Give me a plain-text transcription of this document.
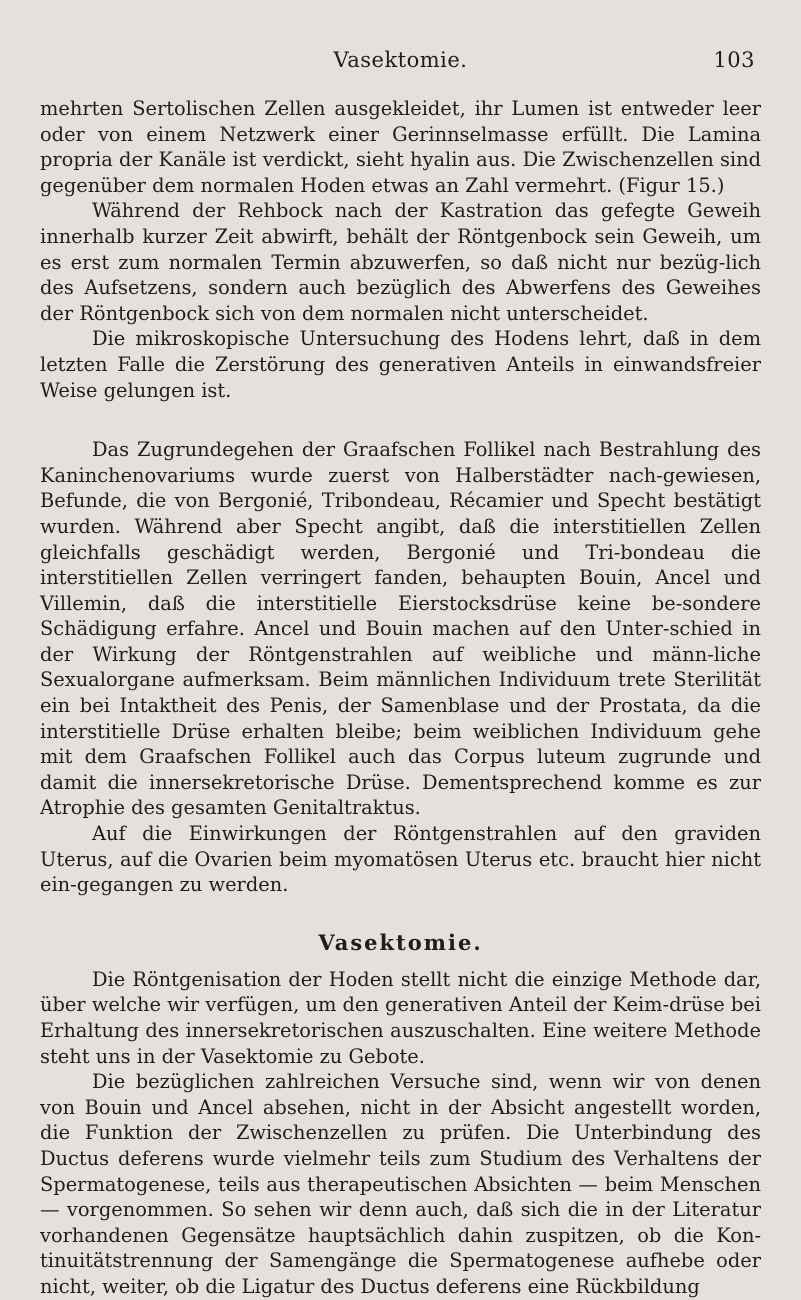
Vasektomie.	103

mehrten Sertolischen Zellen ausgekleidet, ihr Lumen ist entweder leer oder von einem Netzwerk einer Gerinnselmasse erfüllt. Die Lamina propria der Kanäle ist verdickt, sieht hyalin aus. Die Zwischenzellen sind gegenüber dem normalen Hoden etwas an Zahl vermehrt. (Figur 15.)

Während der Rehbock nach der Kastration das gefegte Geweih innerhalb kurzer Zeit abwirft, behält der Röntgenbock sein Geweih, um es erst zum normalen Termin abzuwerfen, so daß nicht nur bezüg-lich des Aufsetzens, sondern auch bezüglich des Abwerfens des Geweihes der Röntgenbock sich von dem normalen nicht unterscheidet.

Die mikroskopische Untersuchung des Hodens lehrt, daß in dem letzten Falle die Zerstörung des generativen Anteils in einwandsfreier Weise gelungen ist.

Das Zugrundegehen der Graafschen Follikel nach Bestrahlung des Kaninchenovariums wurde zuerst von Halberstädter nach-gewiesen, Befunde, die von Bergonié, Tribondeau, Récamier und Specht bestätigt wurden. Während aber Specht angibt, daß die interstitiellen Zellen gleichfalls geschädigt werden, Bergonié und Tri-bondeau die interstitiellen Zellen verringert fanden, behaupten Bouin, Ancel und Villemin, daß die interstitielle Eierstocksdrüse keine be-sondere Schädigung erfahre. Ancel und Bouin machen auf den Unter-schied in der Wirkung der Röntgenstrahlen auf weibliche und männ-liche Sexualorgane aufmerksam. Beim männlichen Individuum trete Sterilität ein bei Intaktheit des Penis, der Samenblase und der Prostata, da die interstitielle Drüse erhalten bleibe; beim weiblichen Individuum gehe mit dem Graafschen Follikel auch das Corpus luteum zugrunde und damit die innersekretorische Drüse. Dementsprechend komme es zur Atrophie des gesamten Genitaltraktus.

Auf die Einwirkungen der Röntgenstrahlen auf den graviden Uterus, auf die Ovarien beim myomatösen Uterus etc. braucht hier nicht ein-gegangen zu werden.

Vasektomie.

Die Röntgenisation der Hoden stellt nicht die einzige Methode dar, über welche wir verfügen, um den generativen Anteil der Keim-drüse bei Erhaltung des innersekretorischen auszuschalten. Eine weitere Methode steht uns in der Vasektomie zu Gebote.

Die bezüglichen zahlreichen Versuche sind, wenn wir von denen von Bouin und Ancel absehen, nicht in der Absicht angestellt worden, die Funktion der Zwischenzellen zu prüfen. Die Unterbindung des Ductus deferens wurde vielmehr teils zum Studium des Verhaltens der Spermatogenese, teils aus therapeutischen Absichten — beim Menschen — vorgenommen. So sehen wir denn auch, daß sich die in der Literatur vorhandenen Gegensätze hauptsächlich dahin zuspitzen, ob die Kon-tinuitätstrennung der Samengänge die Spermatogenese aufhebe oder nicht, weiter, ob die Ligatur des Ductus deferens eine Rückbildung
